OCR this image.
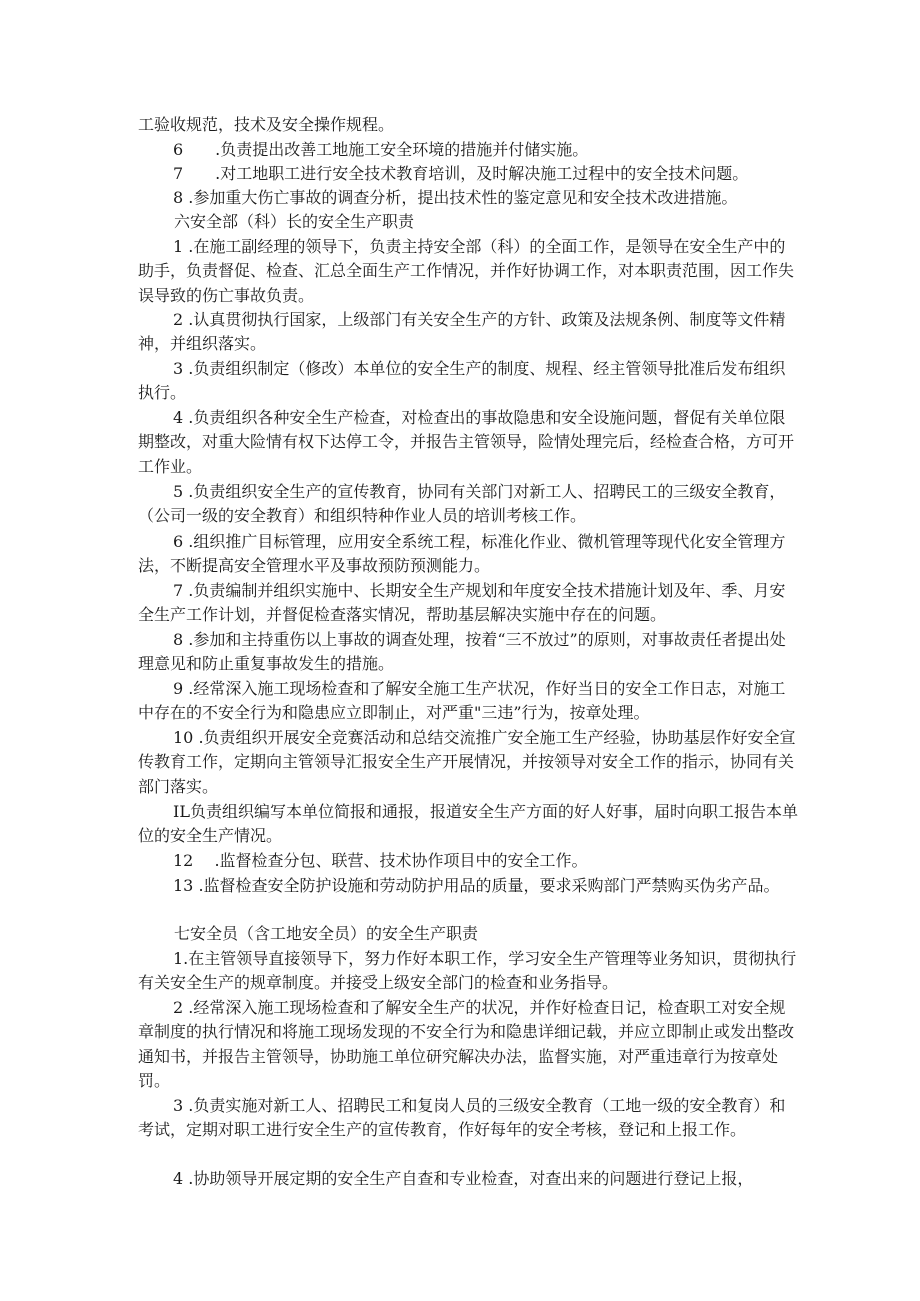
工验收规范，技术及安全操作规程。

6  .负责提出改善工地施工安全环境的措施并付储实施。

7  .对工地职工进行安全技术教育培训，及时解决施工过程中的安全技术问题。

8 .参加重大伤亡事故的调查分析，提出技术性的鉴定意见和安全技术改进措施。

六安全部（科）长的安全生产职责

1 .在施工副经理的领导下，负责主持安全部（科）的全面工作，是领导在安全生产中的助手，负责督促、检查、汇总全面生产工作情况，并作好协调工作，对本职责范围，因工作失误导致的伤亡事故负责。

2 .认真贯彻执行国家，上级部门有关安全生产的方针、政策及法规条例、制度等文件精神，并组织落实。

3 .负责组织制定（修改）本单位的安全生产的制度、规程、经主管领导批准后发布组织执行。

4 .负责组织各种安全生产检查，对检查出的事故隐患和安全设施问题，督促有关单位限期整改，对重大险情有权下达停工令，并报告主管领导，险情处理完后，经检查合格，方可开工作业。

5 .负责组织安全生产的宣传教育，协同有关部门对新工人、招聘民工的三级安全教育，（公司一级的安全教育）和组织特种作业人员的培训考核工作。

6 .组织推广目标管理，应用安全系统工程，标准化作业、微机管理等现代化安全管理方法，不断提高安全管理水平及事故预防预测能力。

7 .负责编制并组织实施中、长期安全生产规划和年度安全技术措施计划及年、季、月安全生产工作计划，并督促检查落实情况，帮助基层解决实施中存在的问题。

8 .参加和主持重伤以上事故的调查处理，按着“三不放过”的原则，对事故责任者提出处理意见和防止重复事故发生的措施。

9 .经常深入施工现场检查和了解安全施工生产状况，作好当日的安全工作日志，对施工中存在的不安全行为和隐患应立即制止，对严重"三违”行为，按章处理。

10 .负责组织开展安全竞赛活动和总结交流推广安全施工生产经验，协助基层作好安全宣传教育工作，定期向主管领导汇报安全生产开展情况，并按领导对安全工作的指示，协同有关部门落实。

IL负责组织编写本单位简报和通报，报道安全生产方面的好人好事，届时向职工报告本单位的安全生产情况。

12  .监督检查分包、联营、技术协作项目中的安全工作。

13 .监督检查安全防护设施和劳动防护用品的质量，要求采购部门严禁购买伪劣产品。

七安全员（含工地安全员）的安全生产职责

1.在主管领导直接领导下，努力作好本职工作，学习安全生产管理等业务知识，贯彻执行有关安全生产的规章制度。并接受上级安全部门的检查和业务指导。

2 .经常深入施工现场检查和了解安全生产的状况，并作好检查日记，检查职工对安全规章制度的执行情况和将施工现场发现的不安全行为和隐患详细记载，并应立即制止或发出整改通知书，并报告主管领导，协助施工单位研究解决办法，监督实施，对严重违章行为按章处罚。

3 .负责实施对新工人、招聘民工和复岗人员的三级安全教育（工地一级的安全教育）和考试，定期对职工进行安全生产的宣传教育，作好每年的安全考核，登记和上报工作。

4 .协助领导开展定期的安全生产自查和专业检查，对查出来的问题进行登记上报，
